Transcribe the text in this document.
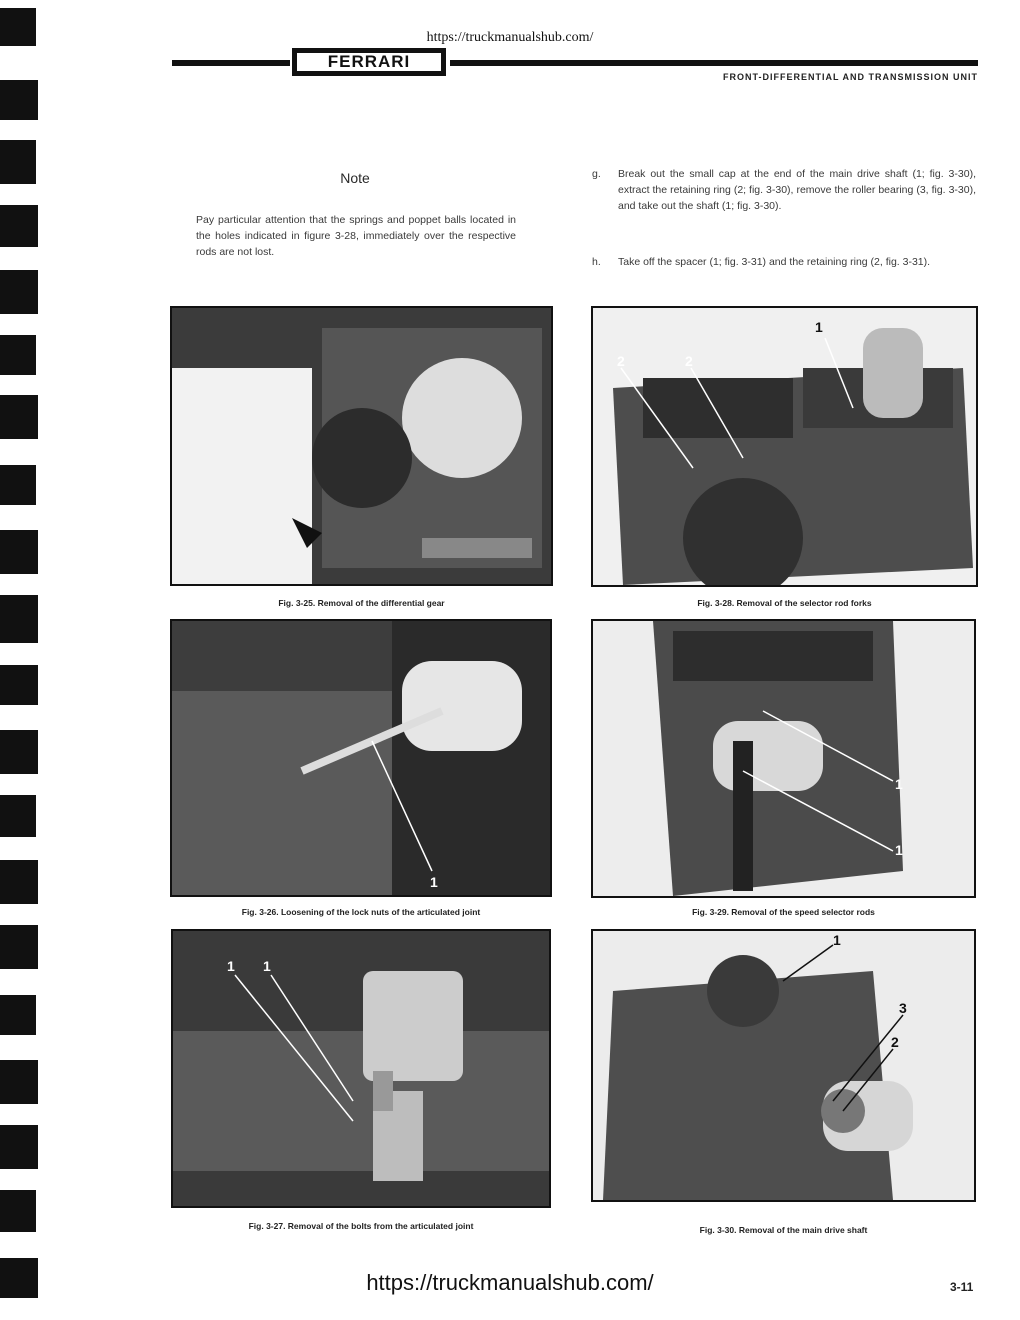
https://truckmanualshub.com/
FERRARI
FRONT-DIFFERENTIAL AND TRANSMISSION UNIT
Note
Pay particular attention that the springs and poppet balls located in the holes indicated in figure 3-28, immediately over the respective rods are not lost.
g. Break out the small cap at the end of the main drive shaft (1; fig. 3-30), extract the retaining ring (2; fig. 3-30), remove the roller bearing (3, fig. 3-30), and take out the shaft (1; fig. 3-30).
h. Take off the spacer (1; fig. 3-31) and the retaining ring (2, fig. 3-31).
Fig. 3-25. Removal of the differential gear
2	2
1
Fig. 3-28. Removal of the selector rod forks
1
Fig. 3-26. Loosening of the lock nuts of the articulated joint
1
1
Fig. 3-29. Removal of the speed selector rods
1 1
Fig. 3-27. Removal of the bolts from the articulated joint
1
3
2
Fig. 3-30. Removal of the main drive shaft
https://truckmanualshub.com/	3-11
